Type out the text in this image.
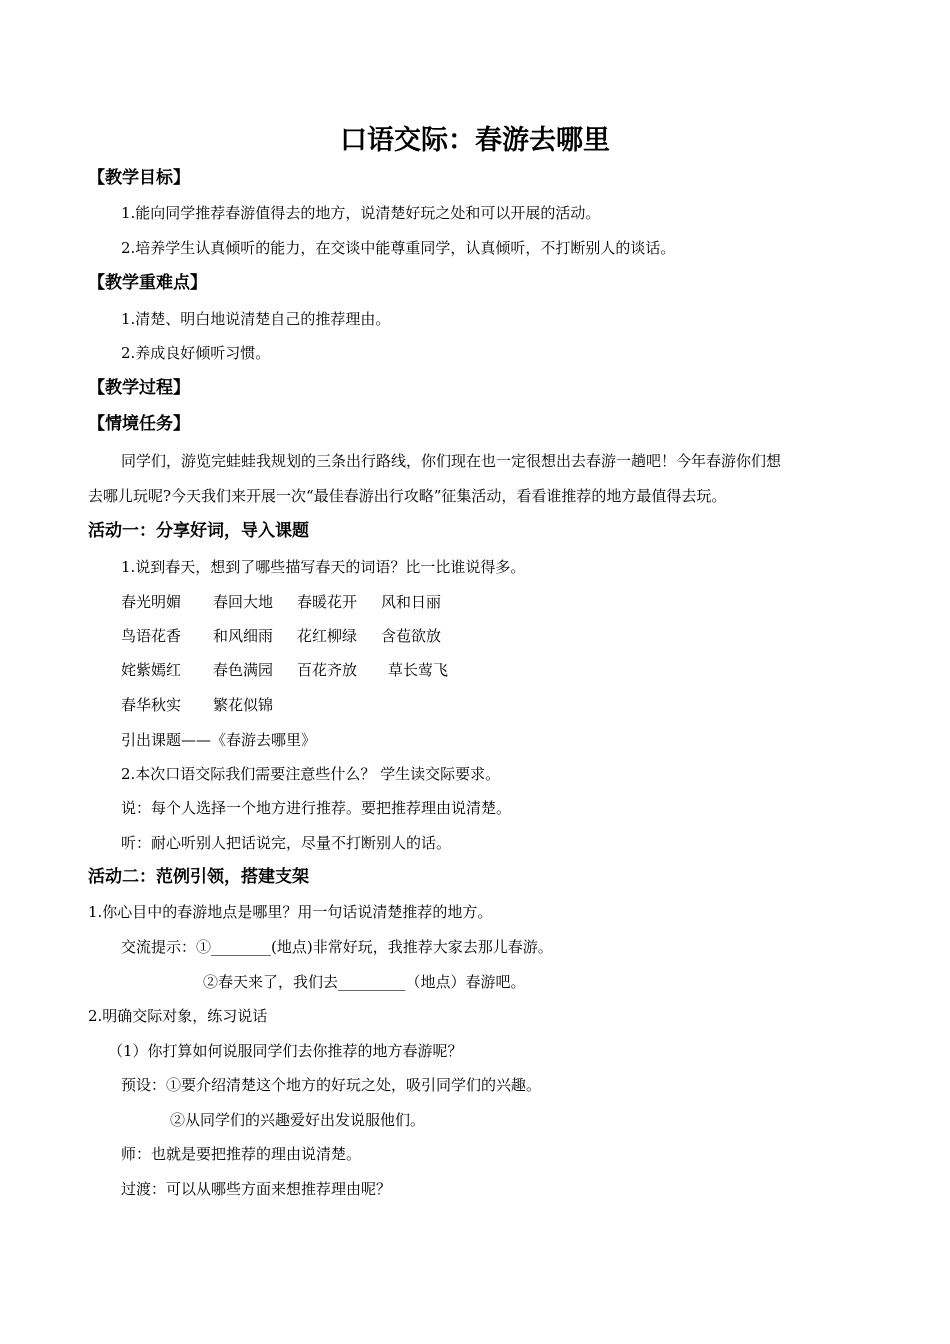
口语交际：春游去哪里
【教学目标】
1.能向同学推荐春游值得去的地方，说清楚好玩之处和可以开展的活动。
2.培养学生认真倾听的能力，在交谈中能尊重同学，认真倾听，不打断别人的谈话。
【教学重难点】
1.清楚、明白地说清楚自己的推荐理由。
2.养成良好倾听习惯。
【教学过程】
【情境任务】
同学们，游览完蛙蛙我规划的三条出行路线，你们现在也一定很想出去春游一趟吧！今年春游你们想
去哪儿玩呢?今天我们来开展一次“最佳春游出行攻略”征集活动，看看谁推荐的地方最值得去玩。
活动一：分享好词，导入课题
1.说到春天，想到了哪些描写春天的词语？比一比谁说得多。
春光明媚 春回大地 春暖花开 风和日丽
鸟语花香 和风细雨 花红柳绿 含苞欲放
姹紫嫣红 春色满园 百花齐放 草长莺飞
春华秋实 繁花似锦
引出课题——《春游去哪里》
2.本次口语交际我们需要注意些什么？ 学生读交际要求。
说：每个人选择一个地方进行推荐。要把推荐理由说清楚。
听：耐心听别人把话说完，尽量不打断别人的话。
活动二：范例引领，搭建支架
1.你心目中的春游地点是哪里？用一句话说清楚推荐的地方。
交流提示：①________(地点)非常好玩，我推荐大家去那儿春游。
②春天来了，我们去_________（地点）春游吧。
2.明确交际对象，练习说话
（1）你打算如何说服同学们去你推荐的地方春游呢？
预设：①要介绍清楚这个地方的好玩之处，吸引同学们的兴趣。
②从同学们的兴趣爱好出发说服他们。
师：也就是要把推荐的理由说清楚。
过渡：可以从哪些方面来想推荐理由呢？
